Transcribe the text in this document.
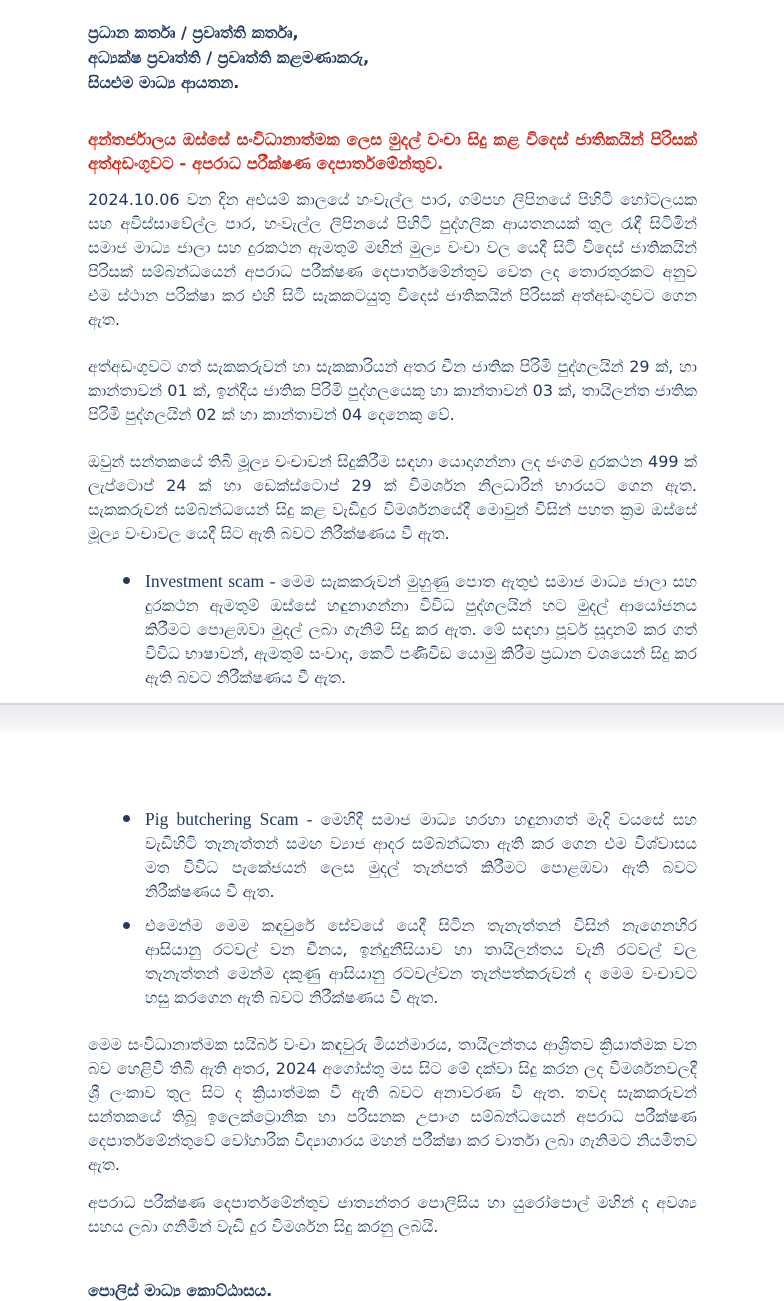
ප්‍රධාන කර්තෘ / ප්‍රවෘත්ති කර්තෘ,
අධ්‍යක්ෂ ප්‍රවෘත්ති / ප්‍රවෘත්ති කළමණාකරු,
සියළුම මාධ්‍ය ආයතන.

අන්තර්ජාලය ඔස්සේ සංවිධානාත්මක ලෙස මුදල් වංචා සිදු කළ විදෙස් ජාතිකයින් පිරිසක් අත්අඩංගුවට - අපරාධ පරීක්ෂණ දෙපාර්තමේන්තුව.

2024.10.06 වන දින අළුයම් කාලයේ හංවැල්ල පාර, ගම්පහ ලිපිනයේ පිහිටි හෝටලයක සහ අවිස්සාවේල්ල පාර, හංවැල්ල ලිපිනයේ පිහිටි පුද්ගලික ආයතනයක් තුල රැඳී සිටිමින් සමාජ මාධ්‍ය ජාලා සහ දුරකථන ඇමතුම් මඟින් මුල්‍ය වංචා වල යෙදී සිටි විදෙස් ජාතිකයින් පිරිසක් සම්බන්ධයෙන් අපරාධ පරීක්ෂණ දෙපාර්තමේන්තුව වෙත ලද තොරතුරකට අනුව එම ස්ථාන පරික්ෂා කර එහි සිටි සැකකටයුතු විදෙස් ජාතිකයින් පිරිසක් අත්අඩංගුවට ගෙන ඇත.

අත්අඩංගුවට ගත් සැකකරුවන් හා සැකකාරියන් අතර චීන ජාතික පිරිමි පුද්ගලයින් 29 ක්, හා කාන්තාවන් 01 ක්, ඉන්දීය ජාතික පිරිමි පුද්ගලයෙකු හා කාන්තාවන් 03 ක්, තායිලන්ත ජාතික පිරිමි පුද්ගලයින් 02 ක් හා කාන්තාවන් 04 දෙනෙකු වේ.

ඔවුන් සන්තකයේ තිබී මූල්‍ය වංචාවන් සිදුකිරීම සඳහා යොදාගන්නා ලද ජංගම දුරකථන 499 ක් ලැප්ටොප් 24 ක් හා ඩෙක්ස්ටොප් 29 ක් විමර්ශන නිලධාරින් භාරයට ගෙන ඇත. සැකකරුවන් සම්බන්ධයෙන් සිදු කළ වැඩිදුර විමර්ශනයේදී මොවුන් විසින් පහත ක්‍රම ඔස්සේ මූල්‍ය වංචාවල යෙදී සිට ඇති බවට නිරීක්ෂණය වී ඇත.

Investment scam - මෙම සැකකරුවන් මුහුණු පොත ඇතුළු සමාජ මාධ්‍ය ජාලා සහ දුරකථන ඇමතුම් ඔස්සේ හඳුනාගන්නා විවිධ පුද්ගලයින් හට මුදල් ආයෝජනය කිරීමට පොළඹවා මුදල් ලබා ගැනිම් සිදු කර ඇත. මේ සඳහා පූර්ව සූදානම් කර ගත් විවිධ භාෂාවන්, ඇමතුම් සංවාද, කෙටි පණිවිඩ යොමු කිරීම ප්‍රධාන වශයෙන් සිදු කර ඇති බවට නිරීක්ෂණය වී ඇත.
Pig butchering Scam - මෙහිදී සමාජ මාධ්‍ය හරහා හඳුනාගත් මැදි වයසේ සහ වැඩිහිටි තැනැත්තන් සමඟ ව්‍යාජ ආදර සම්බන්ධතා ඇති කර ගෙන එම විශ්වාසය මත විවිධ පැකේජයන් ලෙස මුදල් තැන්පත් කිරීමට පොළඹවා ඇති බවට නිරීක්ෂණය වී ඇත.
එමෙන්ම මෙම කඳවුරේ සේවයේ යෙදී සිටින තැනැත්තන් විසින් නැගෙනහිර ආසියානු රටවල් වන චීනය, ඉන්දුනීසියාව හා තායිලන්තය වැනි රටවල් වල තැනැත්තන් මෙන්ම දකුණු ආසියානු රටවල්වන තැන්පත්කරුවන් ද මෙම වංචාවට හසු කරගෙන ඇති බවට නිරීක්ෂණය වී ඇත.

මෙම සංවිධානාත්මක සයිබර් වංචා කඳවුරු මියන්මාරය, තායිලන්තය ආශ්‍රිතව ක්‍රියාත්මක වන බව හෙළිවී තිබී ඇති අතර, 2024 අගෝස්තු මස සිට මේ දක්වා සිදු කරන ලද විමර්ශනවලදී ශ්‍රී ලංකාව තුල සිට ද ක්‍රියාත්මක වී ඇති බවට අනාවරණ වී ඇත. තවද සැකකරුවන් සන්තකයේ තිබූ ඉලෙක්ට්‍රොනික හා පරිසනක උපාංග සම්බන්ධයෙන් අපරාධ පරීක්ෂණ දෙපාර්තමේන්තුවේ වෝහාරික විද්‍යාගාරය මහන් පරීක්ෂා කර වාර්තා ලබා ගැනිමට නියමිතව ඇත.

අපරාධ පරීක්ෂණ දෙපාර්තමේන්තුව ජාත්‍යන්තර පොලිසිය හා යුරෝපොල් මහින් ද අවශ්‍ය සහය ලබා ගනිමින් වැඩි දුර විමර්ශන සිදු කරනු ලබයි.

පොලිස් මාධ්‍ය කොට්ඨාසය.
